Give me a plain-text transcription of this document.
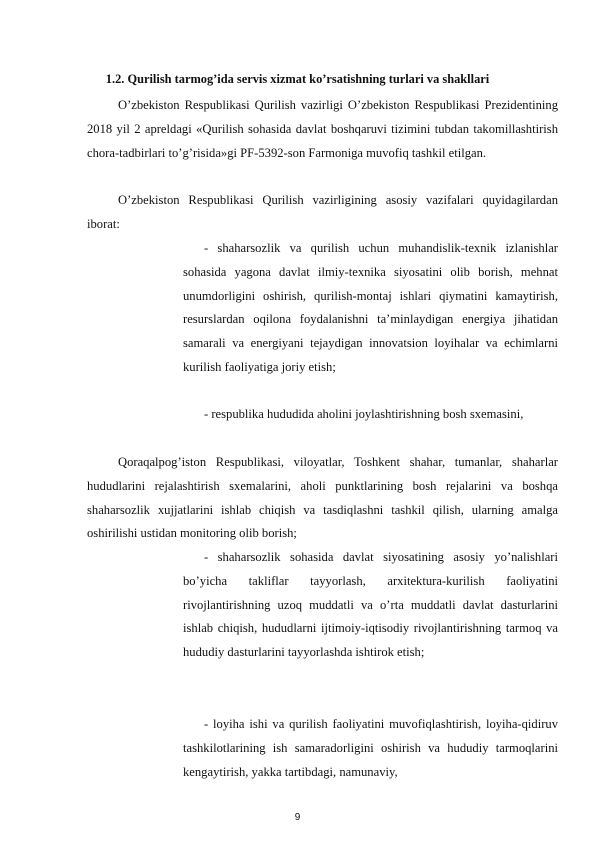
1.2. Qurilish tarmog’ida servis xizmat ko’rsatishning turlari va shakllari

O’zbekiston Respublikasi Qurilish vazirligi O’zbekiston Respublikasi Prezidentining 2018 yil 2 apreldagi «Qurilish sohasida davlat boshqaruvi tizimini tubdan takomillashtirish chora-tadbirlari to’g’risida»gi PF-5392-son Farmoniga muvofiq tashkil etilgan.

O’zbekiston Respublikasi Qurilish vazirligining asosiy vazifalari quyidagilardan iborat:

- shaharsozlik va qurilish uchun muhandislik-texnik izlanishlar sohasida yagona davlat ilmiy-texnika siyosatini olib borish, mehnat unumdorligini oshirish, qurilish-montaj ishlari qiymatini kamaytirish, resurslardan oqilona foydalanishni ta’minlaydigan energiya jihatidan samarali va energiyani tejaydigan innovatsion loyihalar va echimlarni kurilish faoliyatiga joriy etish;

- respublika hududida aholini joylashtirishning bosh sxemasini,

Qoraqalpog’iston Respublikasi, viloyatlar, Toshkent shahar, tumanlar, shaharlar hududlarini rejalashtirish sxemalarini, aholi punktlarining bosh rejalarini va boshqa shaharsozlik xujjatlarini ishlab chiqish va tasdiqlashni tashkil qilish, ularning amalga oshirilishi ustidan monitoring olib borish;

- shaharsozlik sohasida davlat siyosatining asosiy yo’nalishlari bo’yicha takliflar tayyorlash, arxitektura-kurilish faoliyatini rivojlantirishning uzoq muddatli va o’rta muddatli davlat dasturlarini ishlab chiqish, hududlarni ijtimoiy-iqtisodiy rivojlantirishning tarmoq va hududiy dasturlarini tayyorlashda ishtirok etish;

- loyiha ishi va qurilish faoliyatini muvofiqlashtirish, loyiha-qidiruv tashkilotlarining ish samaradorligini oshirish va hududiy tarmoqlarini kengaytirish, yakka tartibdagi, namunaviy,

9
